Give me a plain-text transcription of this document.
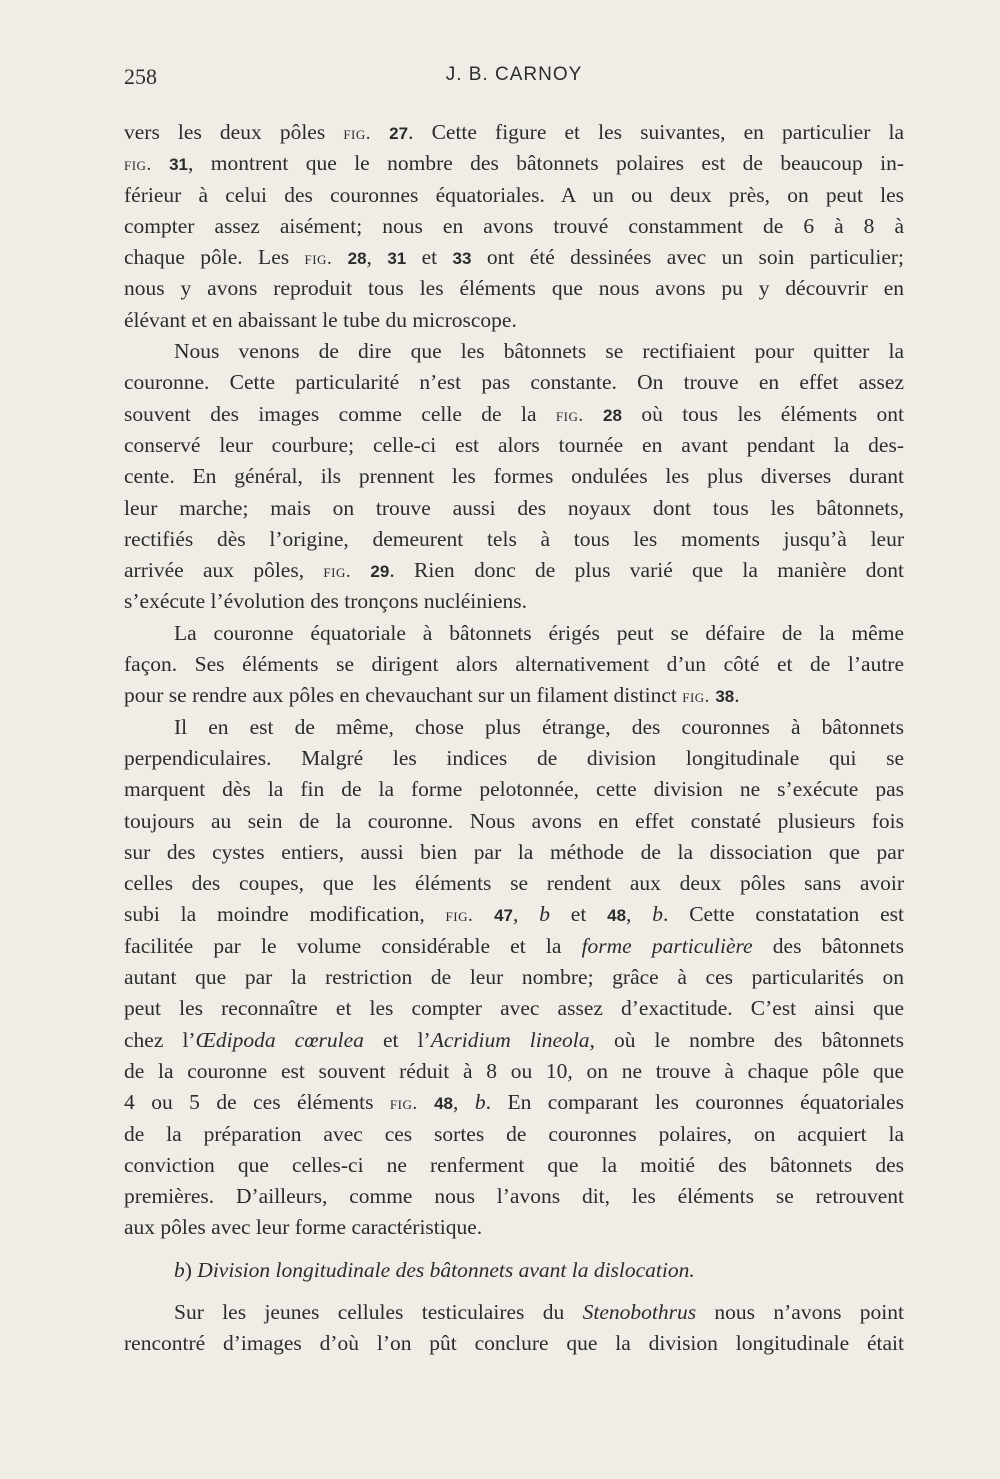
258	J. B. CARNOY
vers les deux pôles fig. 27. Cette figure et les suivantes, en particulier la
fig. 31, montrent que le nombre des bâtonnets polaires est de beaucoup in-
férieur à celui des couronnes équatoriales. A un ou deux près, on peut les
compter assez aisément; nous en avons trouvé constamment de 6 à 8 à
chaque pôle. Les fig. 28, 31 et 33 ont été dessinées avec un soin particulier;
nous y avons reproduit tous les éléments que nous avons pu y découvrir en
élévant et en abaissant le tube du microscope.
Nous venons de dire que les bâtonnets se rectifiaient pour quitter la
couronne. Cette particularité n’est pas constante. On trouve en effet assez
souvent des images comme celle de la fig. 28 où tous les éléments ont
conservé leur courbure; celle-ci est alors tournée en avant pendant la des-
cente. En général, ils prennent les formes ondulées les plus diverses durant
leur marche; mais on trouve aussi des noyaux dont tous les bâtonnets,
rectifiés dès l’origine, demeurent tels à tous les moments jusqu’à leur
arrivée aux pôles, fig. 29. Rien donc de plus varié que la manière dont
s’exécute l’évolution des tronçons nucléiniens.
La couronne équatoriale à bâtonnets érigés peut se défaire de la même
façon. Ses éléments se dirigent alors alternativement d’un côté et de l’autre
pour se rendre aux pôles en chevauchant sur un filament distinct fig. 38.
Il en est de même, chose plus étrange, des couronnes à bâtonnets
perpendiculaires. Malgré les indices de division longitudinale qui se
marquent dès la fin de la forme pelotonnée, cette division ne s’exécute pas
toujours au sein de la couronne. Nous avons en effet constaté plusieurs fois
sur des cystes entiers, aussi bien par la méthode de la dissociation que par
celles des coupes, que les éléments se rendent aux deux pôles sans avoir
subi la moindre modification, fig. 47, b et 48, b. Cette constatation est
facilitée par le volume considérable et la forme particulière des bâtonnets
autant que par la restriction de leur nombre; grâce à ces particularités on
peut les reconnaître et les compter avec assez d’exactitude. C’est ainsi que
chez l’Œdipoda cœrulea et l’Acridium lineola, où le nombre des bâtonnets
de la couronne est souvent réduit à 8 ou 10, on ne trouve à chaque pôle que
4 ou 5 de ces éléments fig. 48, b. En comparant les couronnes équatoriales
de la préparation avec ces sortes de couronnes polaires, on acquiert la
conviction que celles-ci ne renferment que la moitié des bâtonnets des
premières. D’ailleurs, comme nous l’avons dit, les éléments se retrouvent
aux pôles avec leur forme caractéristique.
b) Division longitudinale des bâtonnets avant la dislocation.
Sur les jeunes cellules testiculaires du Stenobothrus nous n’avons point
rencontré d’images d’où l’on pût conclure que la division longitudinale était
